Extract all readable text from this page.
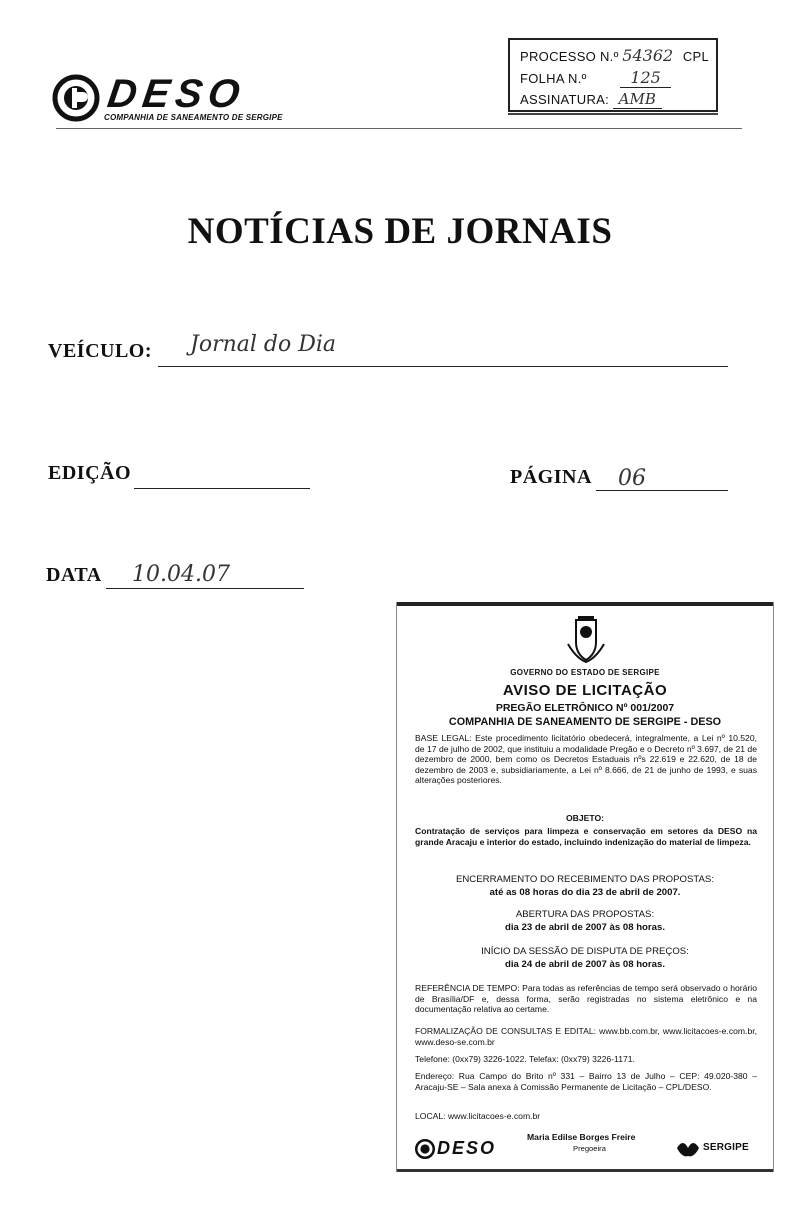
DESO
COMPANHIA DE SANEAMENTO DE SERGIPE
PROCESSO N.º 54362 CPL
FOLHA N.º	125
ASSINATURA: AMB
NOTÍCIAS DE JORNAIS
VEÍCULO: Jornal do Dia
EDIÇÃO	PÁGINA 06
DATA 10.04.07
GOVERNO DO ESTADO DE SERGIPE
AVISO DE LICITAÇÃO
PREGÃO ELETRÔNICO Nº 001/2007
COMPANHIA DE SANEAMENTO DE SERGIPE - DESO
BASE LEGAL: Este procedimento licitatório obedecerá, integralmente, a Lei nº 10.520, de 17 de julho de 2002, que instituiu a modalidade Pregão e o Decreto nº 3.697, de 21 de dezembro de 2000, bem como os Decretos Estaduais nºs 22.619 e 22.620, de 18 de dezembro de 2003 e, subsidiariamente, a Lei nº 8.666, de 21 de junho de 1993, e suas alterações posteriores.
OBJETO:
Contratação de serviços para limpeza e conservação em setores da DESO na grande Aracaju e interior do estado, incluindo indenização do material de limpeza.
ENCERRAMENTO DO RECEBIMENTO DAS PROPOSTAS:
até as 08 horas do dia 23 de abril de 2007.
ABERTURA DAS PROPOSTAS:
dia 23 de abril de 2007 às 08 horas.
INÍCIO DA SESSÃO DE DISPUTA DE PREÇOS:
dia 24 de abril de 2007 às 08 horas.
REFERÊNCIA DE TEMPO: Para todas as referências de tempo será observado o horário de Brasília/DF e, dessa forma, serão registradas no sistema eletrônico e na documentação relativa ao certame.
FORMALIZAÇÃO DE CONSULTAS E EDITAL: www.bb.com.br, www.licitacoes-e.com.br, www.deso-se.com.br
Telefone: (0xx79) 3226-1022. Telefax: (0xx79) 3226-1171.
Endereço: Rua Campo do Brito nº 331 – Bairro 13 de Julho – CEP: 49.020-380 – Aracaju-SE – Sala anexa à Comissão Permanente de Licitação – CPL/DESO.
LOCAL: www.licitacoes-e.com.br
DESO
Maria Edilse Borges Freire
Pregoeira	SERGIPE
